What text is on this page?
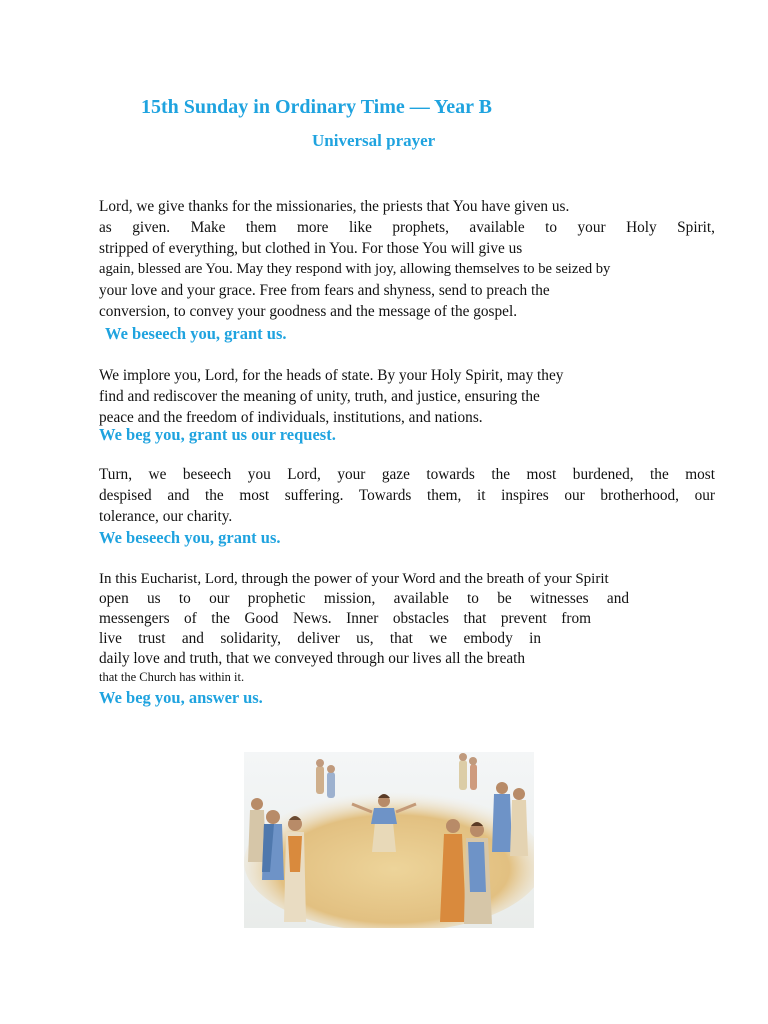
15th Sunday in Ordinary Time — Year B
Universal prayer

Lord, we give thanks for the missionaries, the priests that You have given us.
as given. Make them more like prophets, available to your Holy Spirit,
stripped of everything, but clothed in You. For those You will give us
again, blessed are You. May they respond with joy, allowing themselves to be seized by
your love and your grace. Free from fears and shyness, send to preach the
conversion, to convey your goodness and the message of the gospel.

We beseech you, grant us.

We implore you, Lord, for the heads of state. By your Holy Spirit, may they
find and rediscover the meaning of unity, truth, and justice, ensuring the
peace and the freedom of individuals, institutions, and nations.

We beg you, grant us our request.

Turn, we beseech you Lord, your gaze towards the most burdened, the most
despised and the most suffering. Towards them, it inspires our brotherhood, our
tolerance, our charity.

We beseech you, grant us.

In this Eucharist, Lord, through the power of your Word and the breath of your Spirit
open us to our prophetic mission, available to be witnesses and
messengers of the Good News. Inner obstacles that prevent from
live trust and solidarity, deliver us, that we embody in
daily love and truth, that we conveyed through our lives all the breath
that the Church has within it.

We beg you, answer us.
